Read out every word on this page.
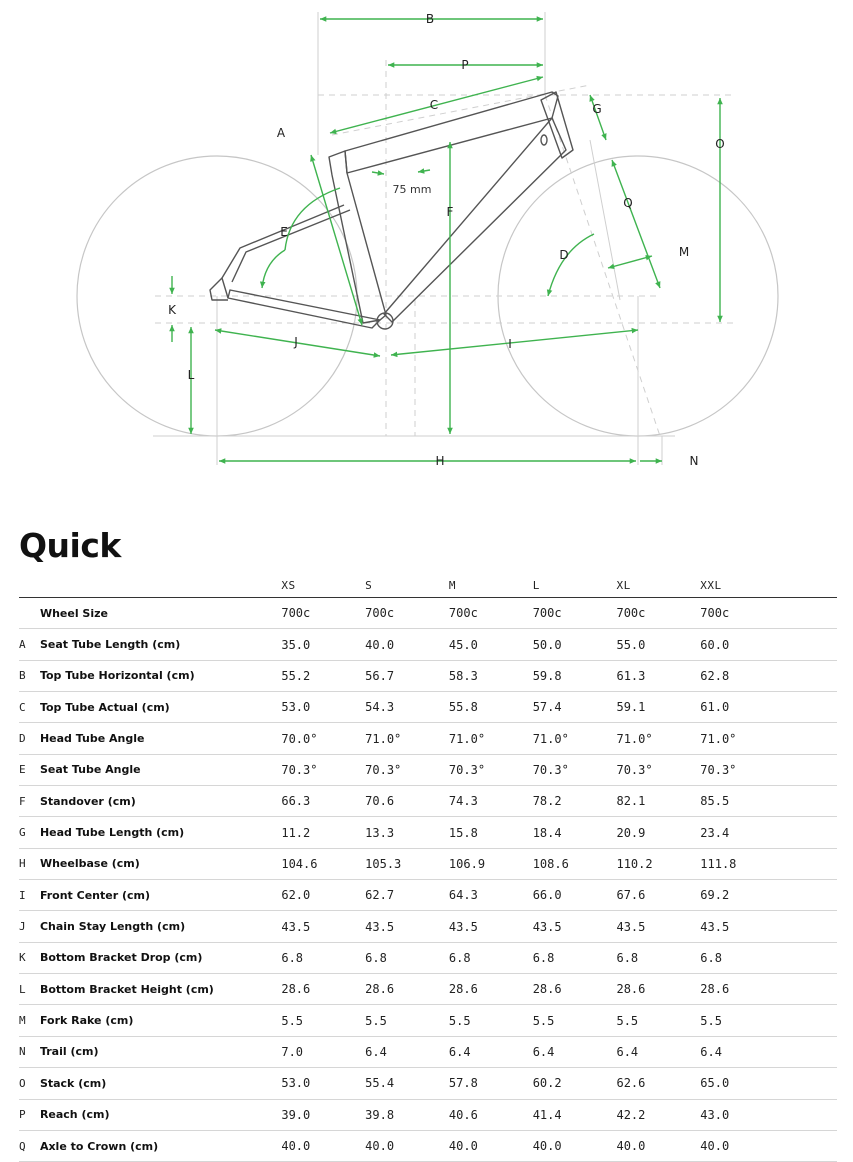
B
P
C
A
G
O
F
Q
E
D	M
K
J	I
L
H	N
75 mm
Quick
		XS	S	M	L	XL	XXL
	Wheel Size	700c	700c	700c	700c	700c	700c
A	Seat Tube Length (cm)	35.0	40.0	45.0	50.0	55.0	60.0
B	Top Tube Horizontal (cm)	55.2	56.7	58.3	59.8	61.3	62.8
C	Top Tube Actual (cm)	53.0	54.3	55.8	57.4	59.1	61.0
D	Head Tube Angle	70.0°	71.0°	71.0°	71.0°	71.0°	71.0°
E	Seat Tube Angle	70.3°	70.3°	70.3°	70.3°	70.3°	70.3°
F	Standover (cm)	66.3	70.6	74.3	78.2	82.1	85.5
G	Head Tube Length (cm)	11.2	13.3	15.8	18.4	20.9	23.4
H	Wheelbase (cm)	104.6	105.3	106.9	108.6	110.2	111.8
I	Front Center (cm)	62.0	62.7	64.3	66.0	67.6	69.2
J	Chain Stay Length (cm)	43.5	43.5	43.5	43.5	43.5	43.5
K	Bottom Bracket Drop (cm)	6.8	6.8	6.8	6.8	6.8	6.8
L	Bottom Bracket Height (cm)	28.6	28.6	28.6	28.6	28.6	28.6
M	Fork Rake (cm)	5.5	5.5	5.5	5.5	5.5	5.5
N	Trail (cm)	7.0	6.4	6.4	6.4	6.4	6.4
O	Stack (cm)	53.0	55.4	57.8	60.2	62.6	65.0
P	Reach (cm)	39.0	39.8	40.6	41.4	42.2	43.0
Q	Axle to Crown (cm)	40.0	40.0	40.0	40.0	40.0	40.0
